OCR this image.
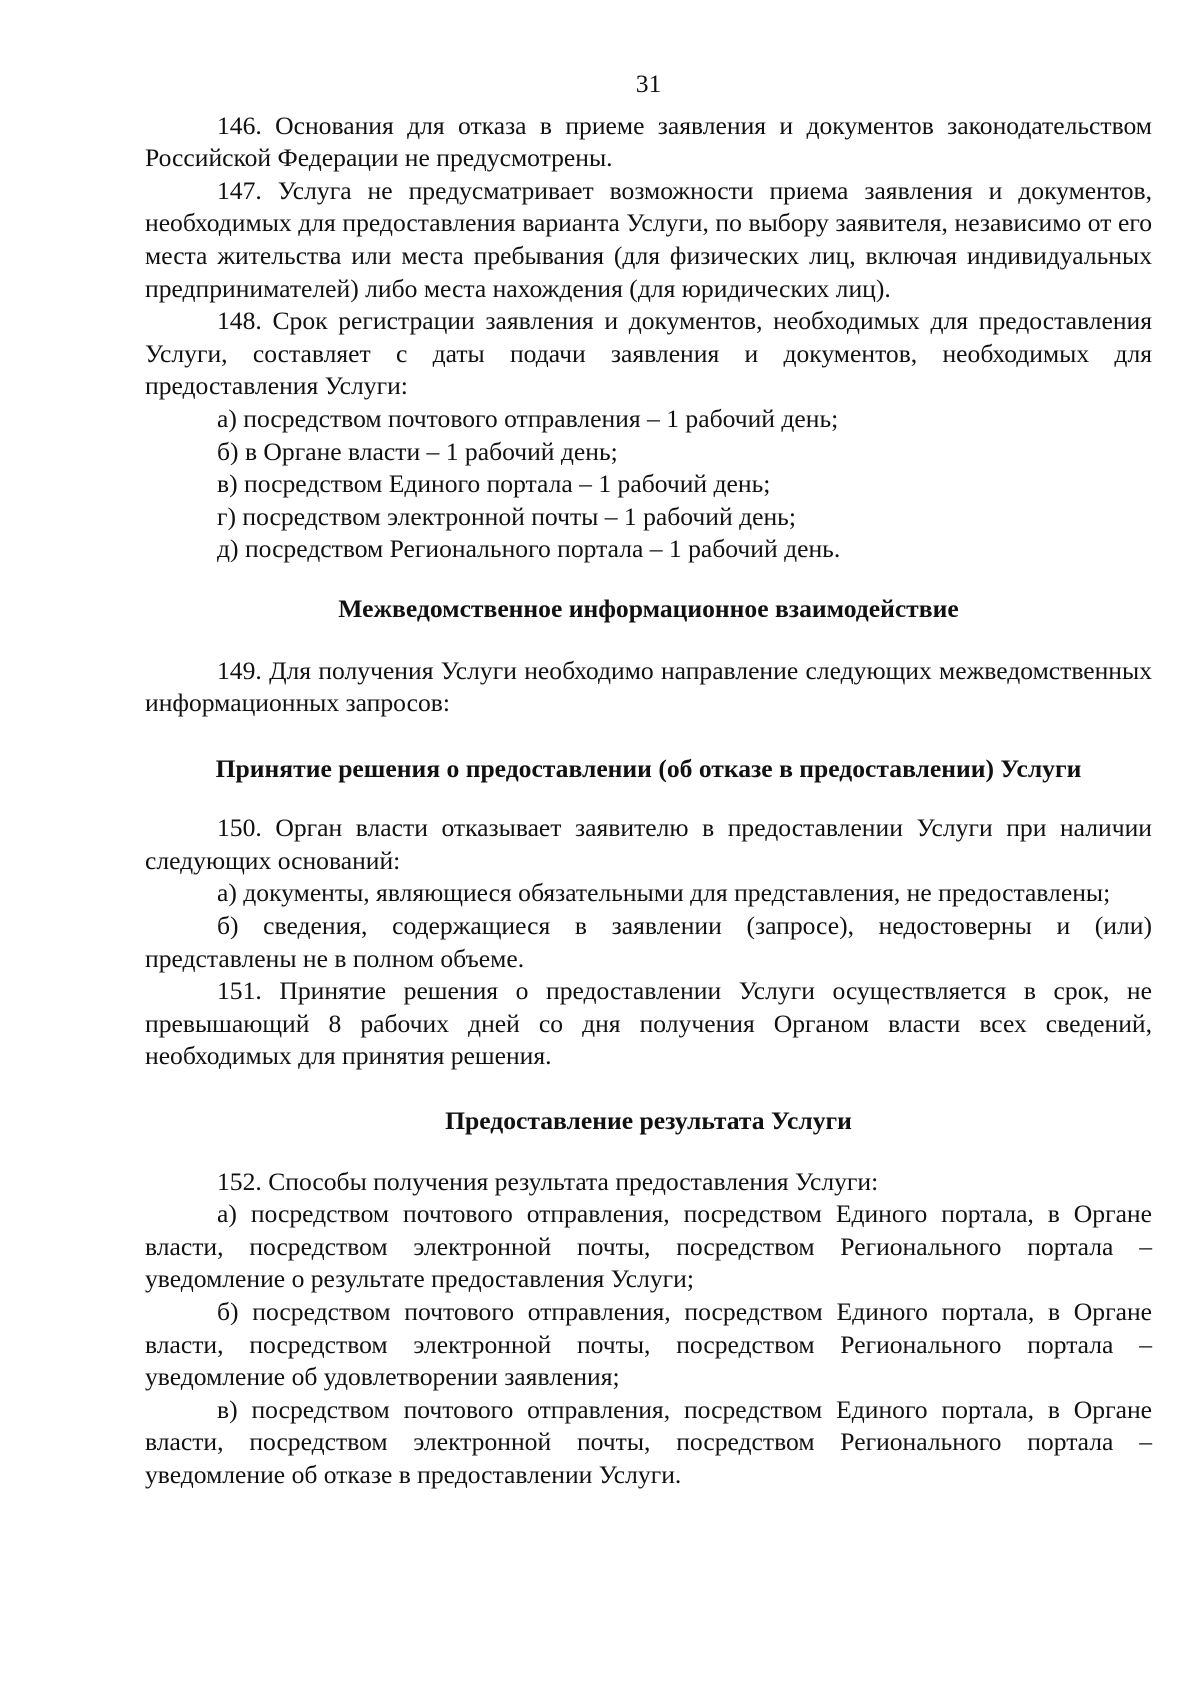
31

146. Основания для отказа в приеме заявления и документов законодательством Российской Федерации не предусмотрены.

147. Услуга не предусматривает возможности приема заявления и документов, необходимых для предоставления варианта Услуги, по выбору заявителя, независимо от его места жительства или места пребывания (для физических лиц, включая индивидуальных предпринимателей) либо места нахождения (для юридических лиц).

148. Срок регистрации заявления и документов, необходимых для предоставления Услуги, составляет с даты подачи заявления и документов, необходимых для предоставления Услуги:

а) посредством почтового отправления – 1 рабочий день;

б) в Органе власти – 1 рабочий день;

в) посредством Единого портала – 1 рабочий день;

г) посредством электронной почты – 1 рабочий день;

д) посредством Регионального портала – 1 рабочий день.

Межведомственное информационное взаимодействие

149. Для получения Услуги необходимо направление следующих межведомственных информационных запросов:

Принятие решения о предоставлении (об отказе в предоставлении) Услуги

150. Орган власти отказывает заявителю в предоставлении Услуги при наличии следующих оснований:

а) документы, являющиеся обязательными для представления, не предоставлены;

б) сведения, содержащиеся в заявлении (запросе), недостоверны и (или) представлены не в полном объеме.

151. Принятие решения о предоставлении Услуги осуществляется в срок, не превышающий 8 рабочих дней со дня получения Органом власти всех сведений, необходимых для принятия решения.

Предоставление результата Услуги

152. Способы получения результата предоставления Услуги:

а) посредством почтового отправления, посредством Единого портала, в Органе власти, посредством электронной почты, посредством Регионального портала – уведомление о результате предоставления Услуги;

б) посредством почтового отправления, посредством Единого портала, в Органе власти, посредством электронной почты, посредством Регионального портала – уведомление об удовлетворении заявления;

в) посредством почтового отправления, посредством Единого портала, в Органе власти, посредством электронной почты, посредством Регионального портала – уведомление об отказе в предоставлении Услуги.
